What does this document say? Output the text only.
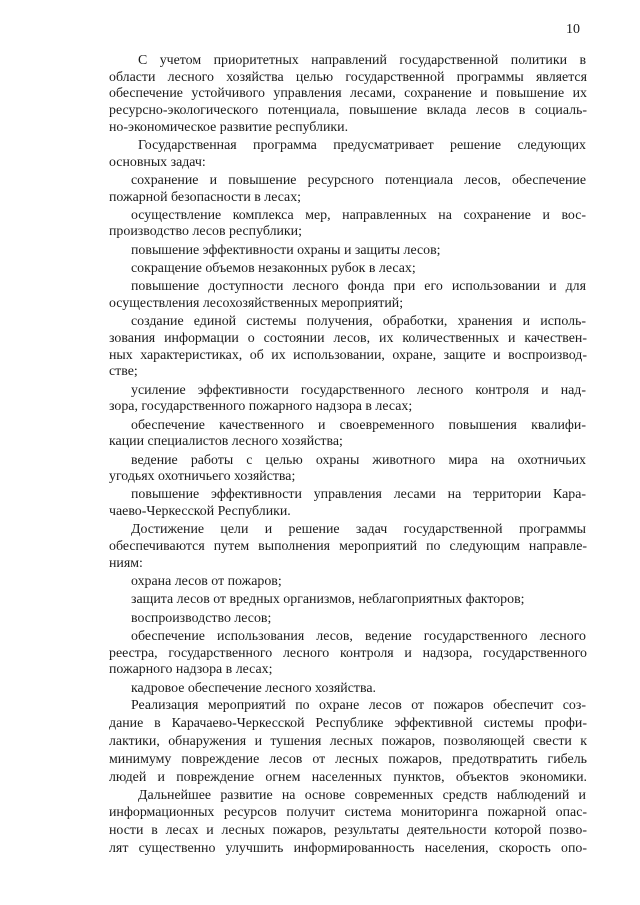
10
С учетом приоритетных направлений государственной политики в
области лесного хозяйства целью государственной программы является
обеспечение устойчивого управления лесами, сохранение и повышение их
ресурсно-экологического потенциала, повышение вклада лесов в социаль-
но-экономическое развитие республики.
Государственная программа предусматривает решение следующих
основных задач:
сохранение и повышение ресурсного потенциала лесов, обеспечение
пожарной безопасности в лесах;
осуществление комплекса мер, направленных на сохранение и вос-
производство лесов республики;
повышение эффективности охраны и защиты лесов;
сокращение объемов незаконных рубок в лесах;
повышение доступности лесного фонда при его использовании и для
осуществления лесохозяйственных мероприятий;
создание единой системы получения, обработки, хранения и исполь-
зования информации о состоянии лесов, их количественных и качествен-
ных характеристиках, об их использовании, охране, защите и воспроизвод-
стве;
усиление эффективности государственного лесного контроля и над-
зора, государственного пожарного надзора в лесах;
обеспечение качественного и своевременного повышения квалифи-
кации специалистов лесного хозяйства;
ведение работы с целью охраны животного мира на охотничьих
угодьях охотничьего хозяйства;
повышение эффективности управления лесами на территории Кара-
чаево-Черкесской Республики.
Достижение цели и решение задач государственной программы
обеспечиваются путем выполнения мероприятий по следующим направле-
ниям:
охрана лесов от пожаров;
защита лесов от вредных организмов, неблагоприятных факторов;
воспроизводство лесов;
обеспечение использования лесов, ведение государственного лесного
реестра, государственного лесного контроля и надзора, государственного
пожарного надзора в лесах;
кадровое обеспечение лесного хозяйства.
Реализация мероприятий по охране лесов от пожаров обеспечит соз-
дание в Карачаево-Черкесской Республике эффективной системы профи-
лактики, обнаружения и тушения лесных пожаров, позволяющей свести к
минимуму повреждение лесов от лесных пожаров, предотвратить гибель
людей и повреждение огнем населенных пунктов, объектов экономики.
Дальнейшее развитие на основе современных средств наблюдений и
информационных ресурсов получит система мониторинга пожарной опас-
ности в лесах и лесных пожаров, результаты деятельности которой позво-
лят существенно улучшить информированность населения, скорость опо-
